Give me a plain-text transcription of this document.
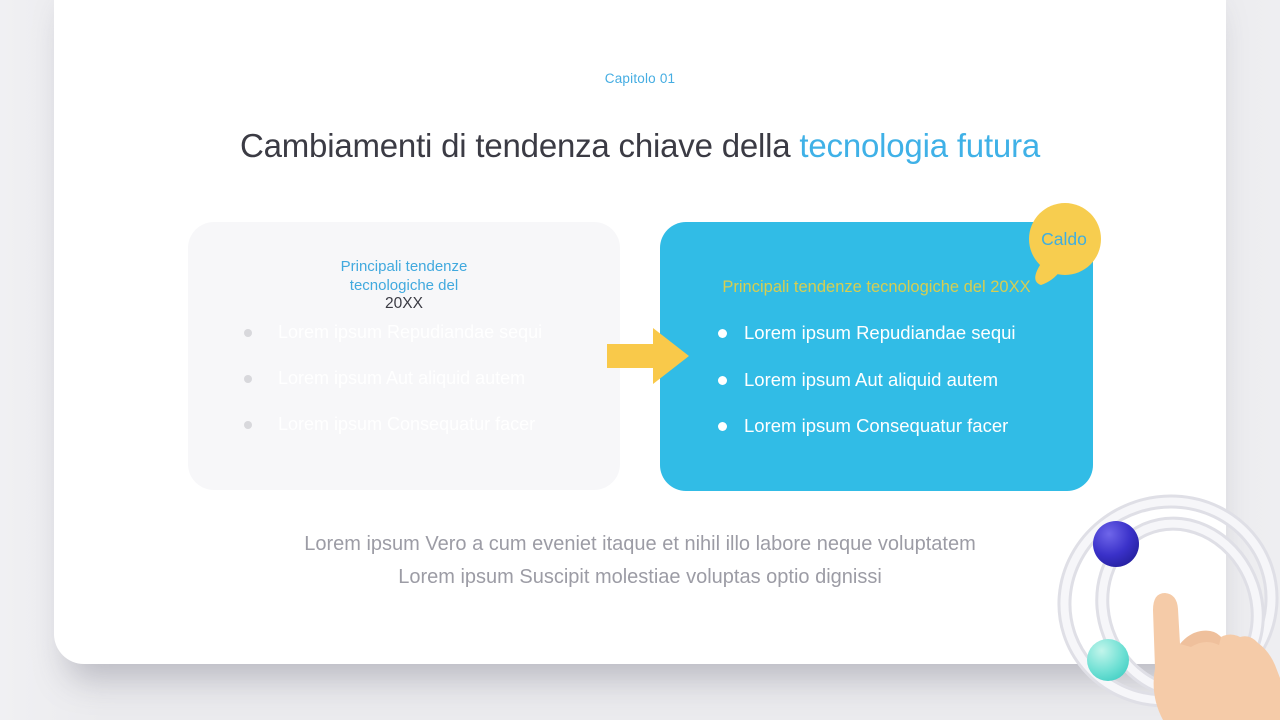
Capitolo 01
Cambiamenti di tendenza chiave della tecnologia futura
Principali tendenze
tecnologiche del
20XX
Lorem ipsum Repudiandae sequi
Lorem ipsum Aut aliquid autem
Lorem ipsum Consequatur facer
Principali tendenze tecnologiche del 20XX
Lorem ipsum Repudiandae sequi
Lorem ipsum Aut aliquid autem
Lorem ipsum Consequatur facer
Caldo
Lorem ipsum Vero a cum eveniet itaque et nihil illo labore neque voluptatem
Lorem ipsum Suscipit molestiae voluptas optio dignissi
